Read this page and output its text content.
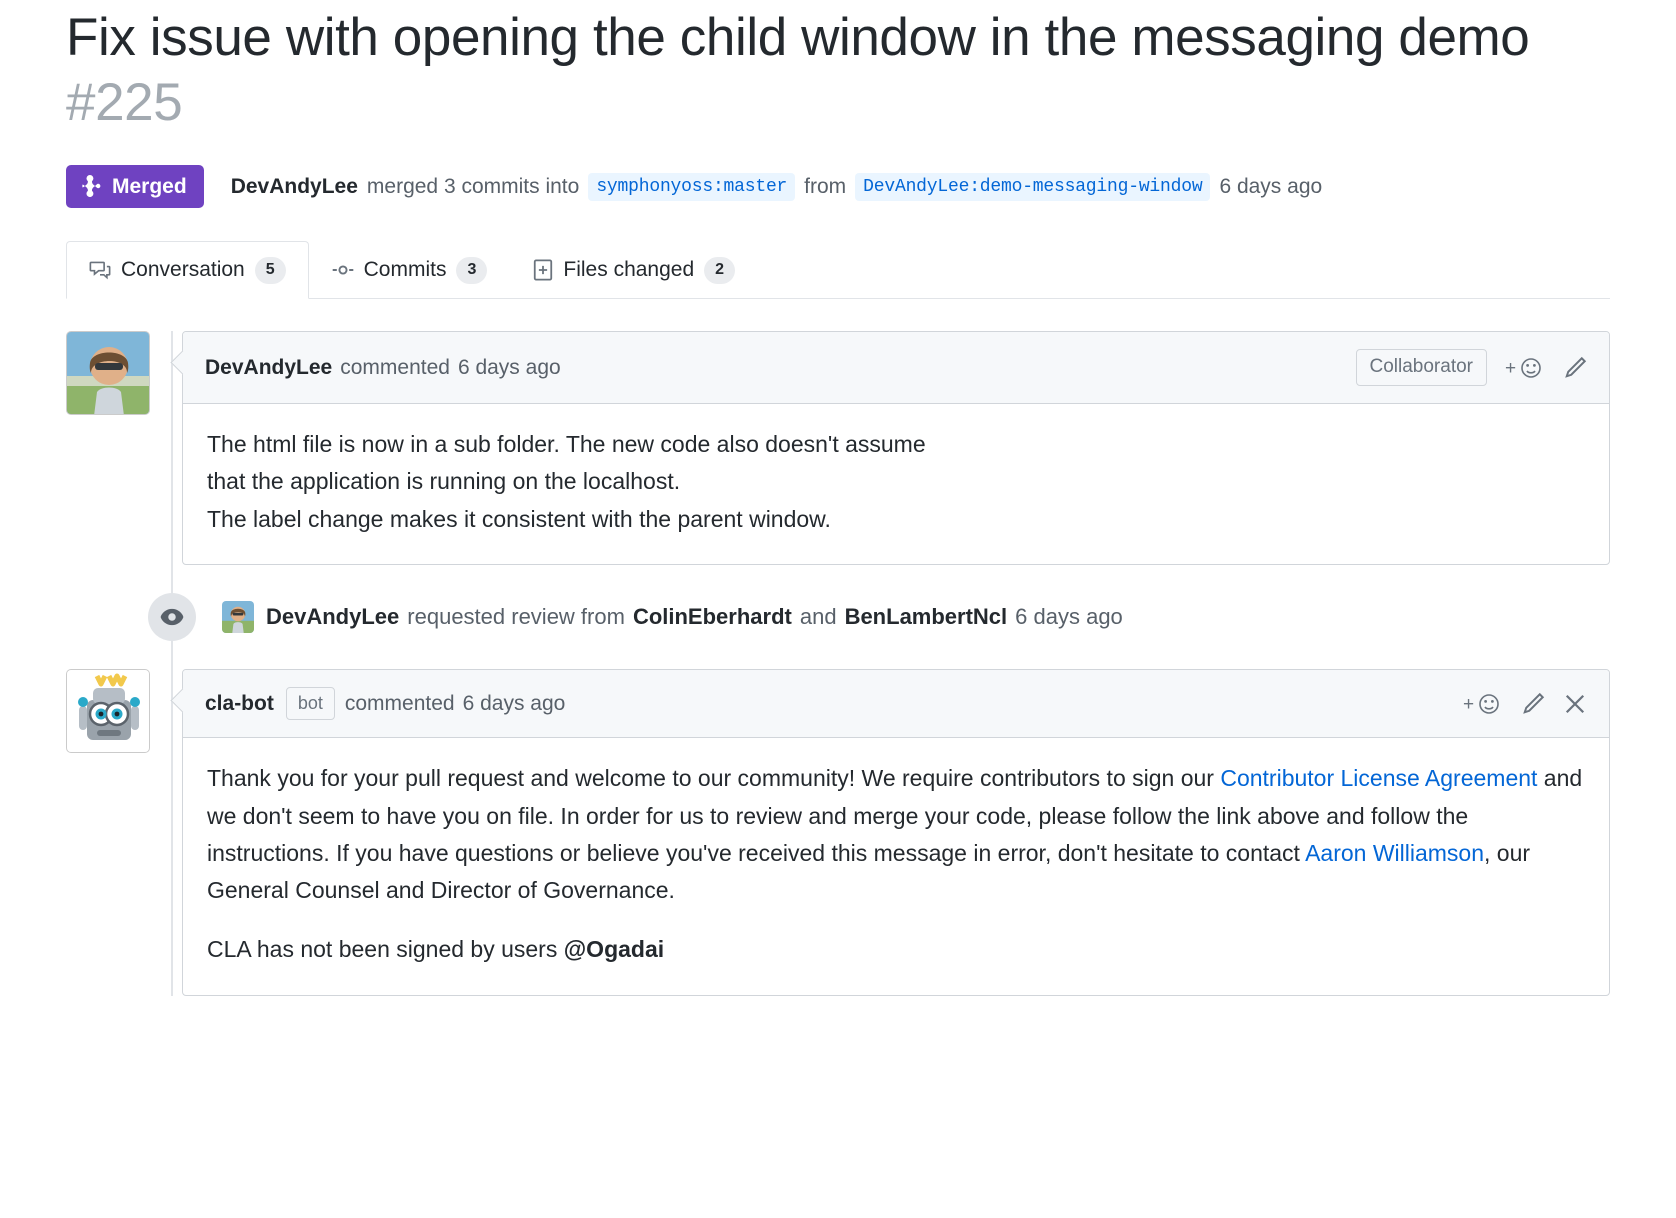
Fix issue with opening the child window in the messaging demo #225
Merged DevAndyLee merged 3 commits into symphonyoss:master from DevAndyLee:demo-messaging-window 6 days ago
Conversation	5	Commits	3	Files changed	2
DevAndyLee commented 6 days ago	Collaborator	+
The html file is now in a sub folder. The new code also doesn't assume
that the application is running on the localhost.
The label change makes it consistent with the parent window.
DevAndyLee requested review from ColinEberhardt and BenLambertNcl 6 days ago
cla-bot	bot	commented 6 days ago	+

Thank you for your pull request and welcome to our community! We require contributors to sign our Contributor License Agreement and we don't seem to have you on file. In order for us to review and merge your code, please follow the link above and follow the instructions. If you have questions or believe you've received this message in error, don't hesitate to contact Aaron Williamson, our General Counsel and Director of Governance.

CLA has not been signed by users @Ogadai
